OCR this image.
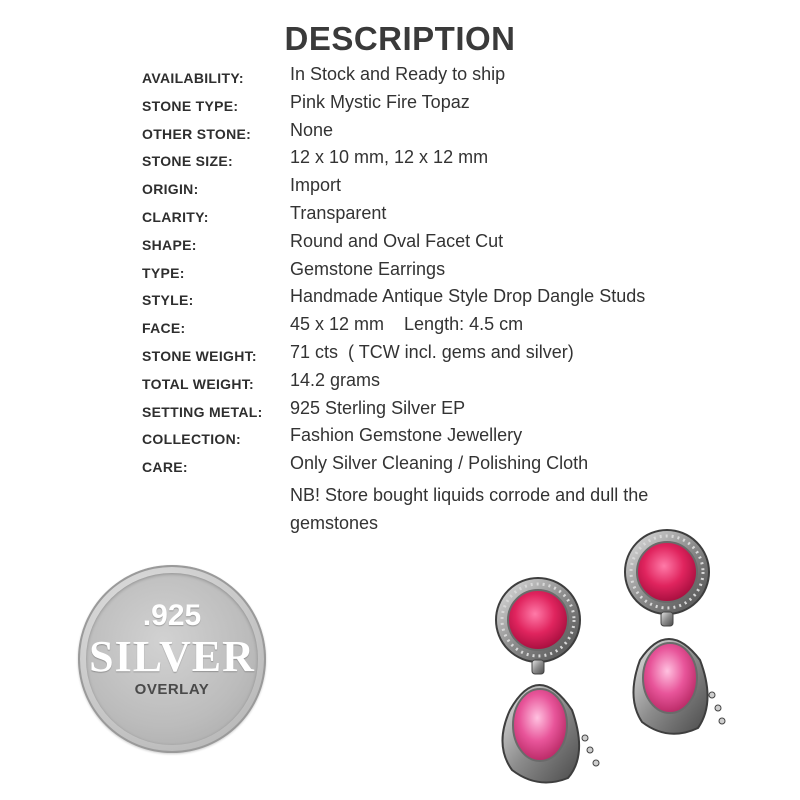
DESCRIPTION
AVAILABILITY:	In Stock and Ready to ship
STONE TYPE:	Pink Mystic Fire Topaz
OTHER STONE: None
STONE SIZE:	12 x 10 mm, 12 x 12 mm
ORIGIN:	Import
CLARITY:	Transparent
SHAPE:	Round and Oval Facet Cut
TYPE:	Gemstone Earrings
STYLE:	Handmade Antique Style Drop Dangle Studs
FACE:	45 x 12 mm    Length: 4.5 cm
STONE WEIGHT: 71 cts  ( TCW incl. gems and silver)
TOTAL WEIGHT: 14.2 grams
SETTING METAL: 925 Sterling Silver EP
COLLECTION:	Fashion Gemstone Jewellery
CARE:	Only Silver Cleaning / Polishing Cloth
NB! Store bought liquids corrode and dull the gemstones
.925
SILVER
OVERLAY
